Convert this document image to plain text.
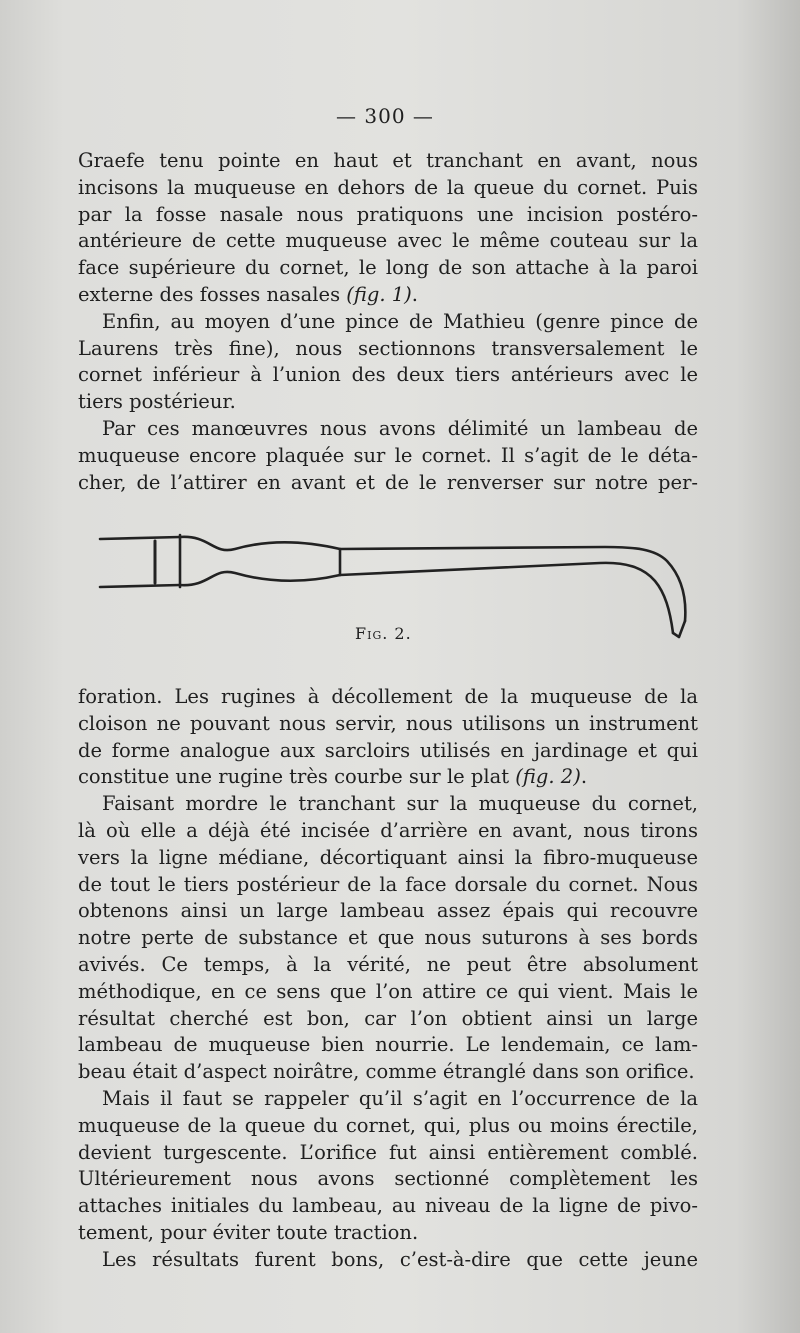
— 300 —

Graefe tenu pointe en haut et tranchant en avant, nous

incisons la muqueuse en dehors de la queue du cornet. Puis

par la fosse nasale nous pratiquons une incision postéro-

antérieure de cette muqueuse avec le même couteau sur la

face supérieure du cornet, le long de son attache à la paroi

externe des fosses nasales (fig. 1).

Enfin, au moyen d’une pince de Mathieu (genre pince de

Laurens très fine), nous sectionnons transversalement le

cornet inférieur à l’union des deux tiers antérieurs avec le

tiers postérieur.

Par ces manœuvres nous avons délimité un lambeau de

muqueuse encore plaquée sur le cornet. Il s’agit de le déta-

cher, de l’attirer en avant et de le renverser sur notre per-

Fig. 2.

foration. Les rugines à décollement de la muqueuse de la

cloison ne pouvant nous servir, nous utilisons un instrument

de forme analogue aux sarcloirs utilisés en jardinage et qui

constitue une rugine très courbe sur le plat (fig. 2).

Faisant mordre le tranchant sur la muqueuse du cornet,

là où elle a déjà été incisée d’arrière en avant, nous tirons

vers la ligne médiane, décortiquant ainsi la fibro-muqueuse

de tout le tiers postérieur de la face dorsale du cornet. Nous

obtenons ainsi un large lambeau assez épais qui recouvre

notre perte de substance et que nous suturons à ses bords

avivés. Ce temps, à la vérité, ne peut être absolument

méthodique, en ce sens que l’on attire ce qui vient. Mais le

résultat cherché est bon, car l’on obtient ainsi un large

lambeau de muqueuse bien nourrie. Le lendemain, ce lam-

beau était d’aspect noirâtre, comme étranglé dans son orifice.

Mais il faut se rappeler qu’il s’agit en l’occurrence de la

muqueuse de la queue du cornet, qui, plus ou moins érectile,

devient turgescente. L’orifice fut ainsi entièrement comblé.

Ultérieurement nous avons sectionné complètement les

attaches initiales du lambeau, au niveau de la ligne de pivo-

tement, pour éviter toute traction.

Les résultats furent bons, c’est-à-dire que cette jeune
